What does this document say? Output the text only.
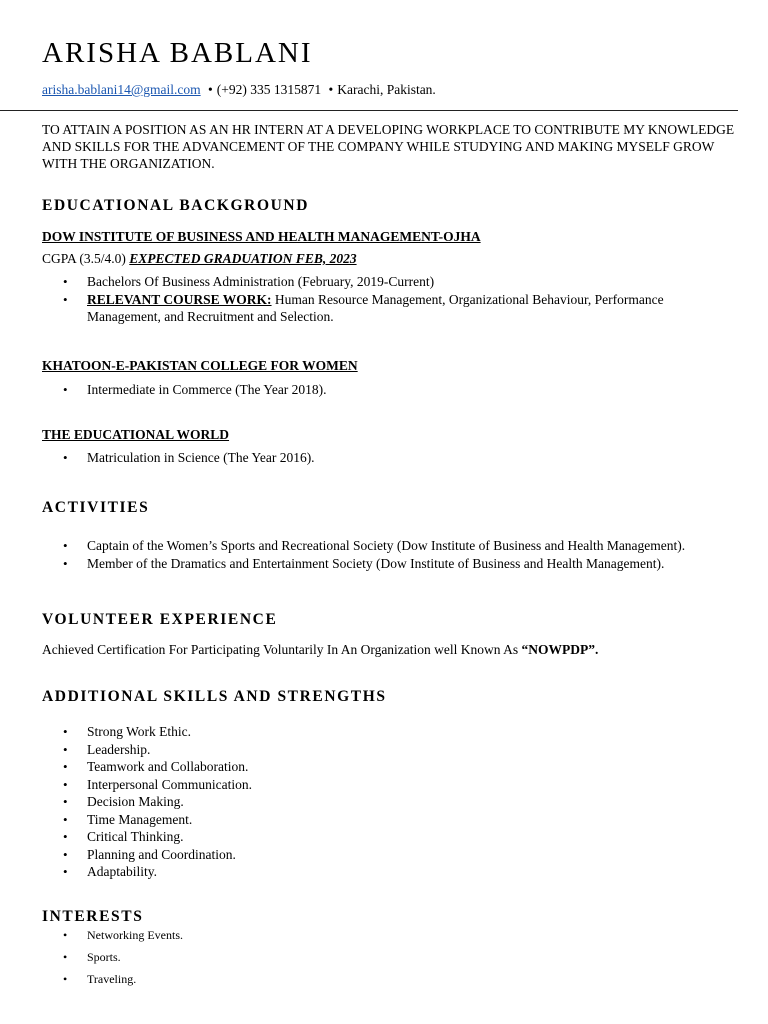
ARISHA BABLANI
arisha.bablani14@gmail.com • (+92) 335 1315871 • Karachi, Pakistan.
TO ATTAIN A POSITION AS AN HR INTERN AT A DEVELOPING WORKPLACE TO CONTRIBUTE MY KNOWLEDGE AND SKILLS FOR THE ADVANCEMENT OF THE COMPANY WHILE STUDYING AND MAKING MYSELF GROW WITH THE ORGANIZATION.
EDUCATIONAL BACKGROUND
DOW INSTITUTE OF BUSINESS AND HEALTH MANAGEMENT-OJHA
CGPA (3.5/4.0) EXPECTED GRADUATION FEB, 2023
• Bachelors Of Business Administration (February, 2019-Current)
• RELEVANT COURSE WORK: Human Resource Management, Organizational Behaviour, Performance Management, and Recruitment and Selection.
KHATOON-E-PAKISTAN COLLEGE FOR WOMEN
• Intermediate in Commerce (The Year 2018).
THE EDUCATIONAL WORLD
• Matriculation in Science (The Year 2016).
ACTIVITIES
• Captain of the Women’s Sports and Recreational Society (Dow Institute of Business and Health Management).
• Member of the Dramatics and Entertainment Society (Dow Institute of Business and Health Management).
VOLUNTEER EXPERIENCE
Achieved Certification For Participating Voluntarily In An Organization well Known As “NOWPDP”.
ADDITIONAL SKILLS AND STRENGTHS
• Strong Work Ethic.
• Leadership.
• Teamwork and Collaboration.
• Interpersonal Communication.
• Decision Making.
• Time Management.
• Critical Thinking.
• Planning and Coordination.
• Adaptability.
INTERESTS
• Networking Events.
• Sports.
• Traveling.
